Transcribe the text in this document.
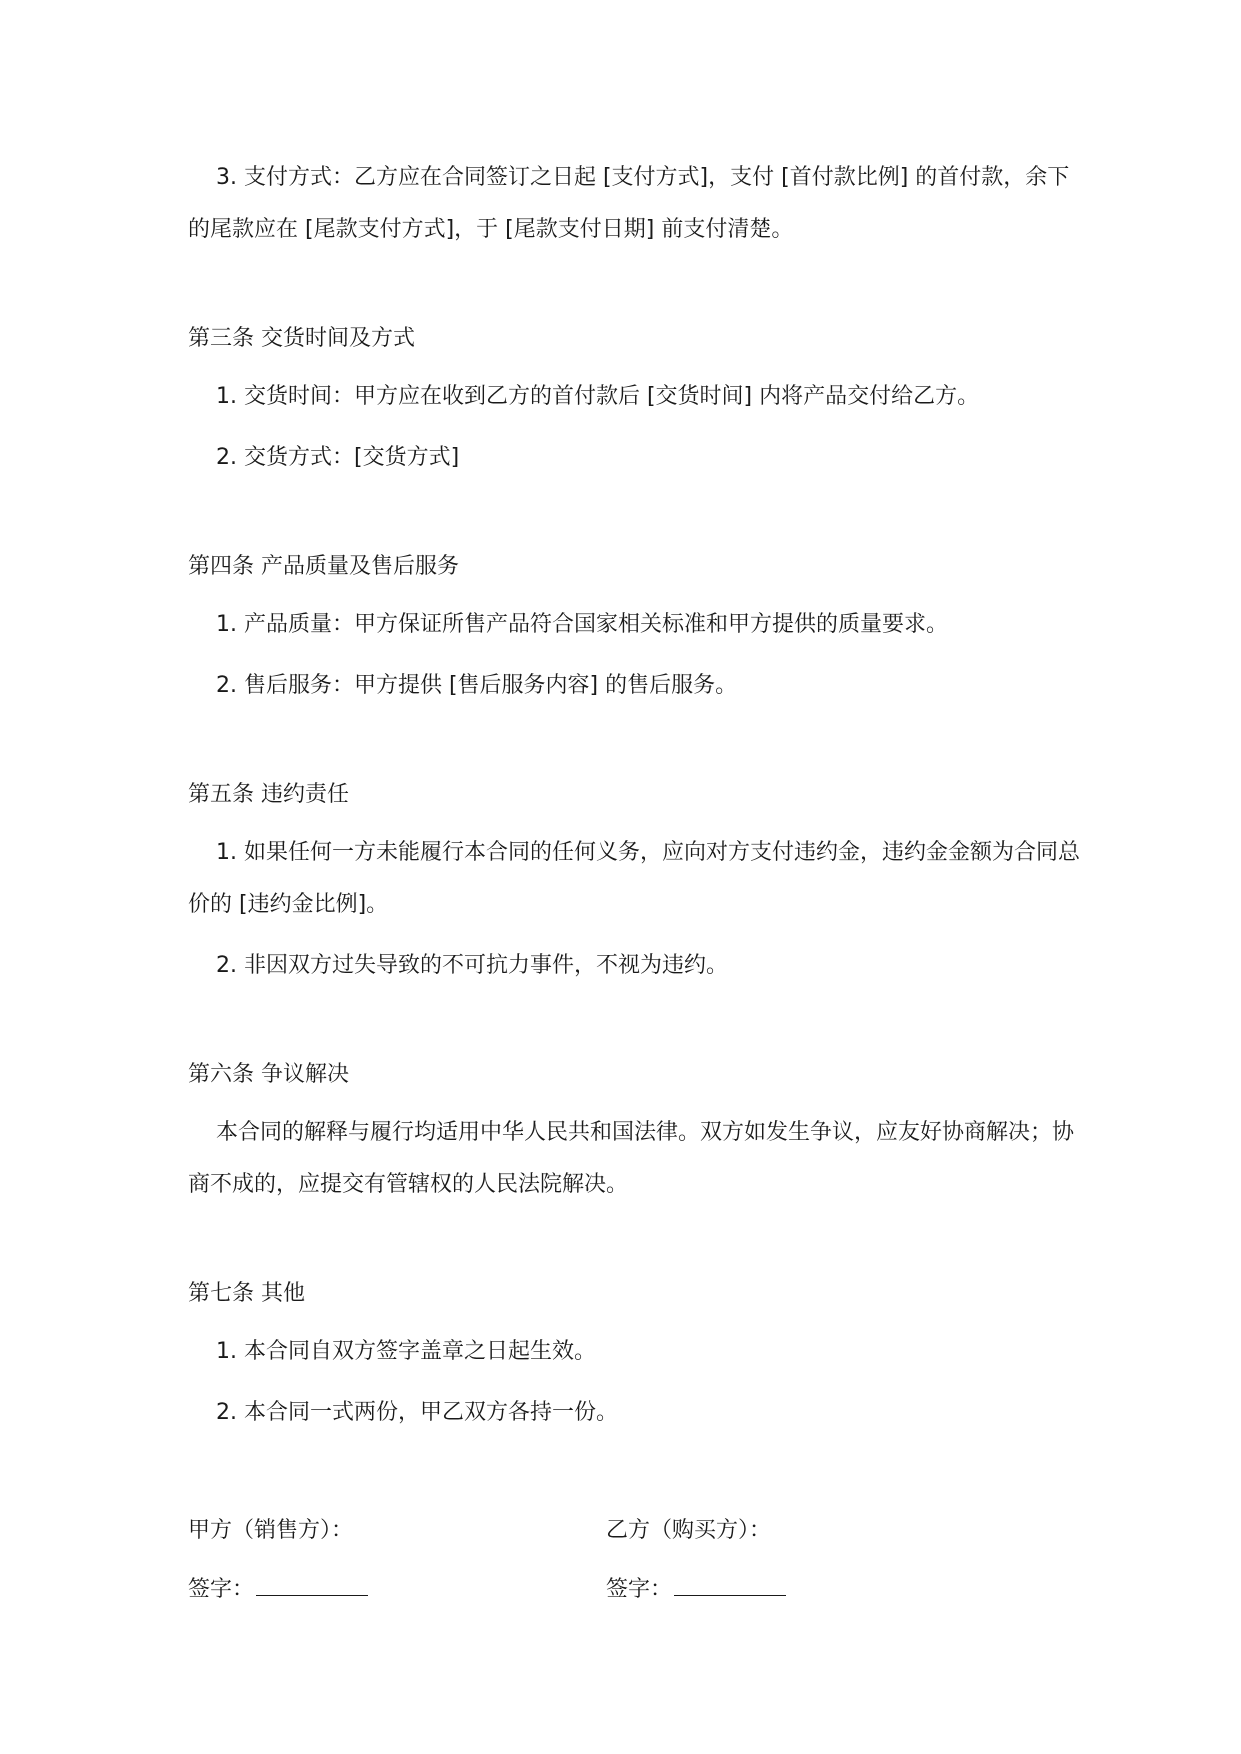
3. 支付方式：乙方应在合同签订之日起 [支付方式]，支付 [首付款比例] 的首付款，余下的尾款应在 [尾款支付方式]，于 [尾款支付日期] 前支付清楚。

第三条 交货时间及方式

1. 交货时间：甲方应在收到乙方的首付款后 [交货时间] 内将产品交付给乙方。

2. 交货方式：[交货方式]

第四条 产品质量及售后服务

1. 产品质量：甲方保证所售产品符合国家相关标准和甲方提供的质量要求。

2. 售后服务：甲方提供 [售后服务内容] 的售后服务。

第五条 违约责任

1. 如果任何一方未能履行本合同的任何义务，应向对方支付违约金，违约金金额为合同总价的 [违约金比例]。

2. 非因双方过失导致的不可抗力事件，不视为违约。

第六条 争议解决

本合同的解释与履行均适用中华人民共和国法律。双方如发生争议，应友好协商解决；协商不成的，应提交有管辖权的人民法院解决。

第七条 其他

1. 本合同自双方签字盖章之日起生效。

2. 本合同一式两份，甲乙双方各持一份。

甲方（销售方）：	乙方（购买方）：
签字：	签字：
